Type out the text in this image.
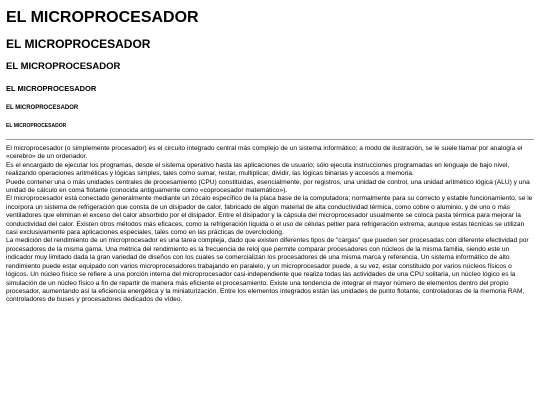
EL MICROPROCESADOR
EL MICROPROCESADOR
EL MICROPROCESADOR
EL MICROPROCESADOR
EL MICROPROCESADOR
EL MICROPROCESADOR

El microprocesador (o simplemente procesador) es el circuito integrado central más complejo de un sistema informático; a modo de ilustración, se le suele llamar por analogía el «cerebro» de un ordenador.

Es el encargado de ejecutar los programas, desde el sistema operativo hasta las aplicaciones de usuario; sólo ejecuta instrucciones programadas en lenguaje de bajo nivel, realizando operaciones aritméticas y lógicas simples, tales como sumar, restar, multiplicar, dividir, las lógicas binarias y accesos a memoria.

Puede contener una o más unidades centrales de procesamiento (CPU) constituidas, esencialmente, por registros, una unidad de control, una unidad aritmético lógica (ALU) y una unidad de cálculo en coma flotante (conocida antiguamente como «coprocesador matemático»).

El microprocesador está conectado generalmente mediante un zócalo específico de la placa base de la computadora; normalmente para su correcto y estable funcionamiento, se le incorpora un sistema de refrigeración que consta de un disipador de calor, fabricado de algún material de alta conductividad térmica, como cobre o aluminio, y de uno o más ventiladores que eliminan el exceso del calor absorbido por el disipador. Entre el disipador y la cápsula del microprocesador usualmente se coloca pasta térmica para mejorar la conductividad del calor. Existen otros métodos más eficaces, como la refrigeración líquida o el uso de células peltier para refrigeración extrema, aunque estas técnicas se utilizan casi exclusivamente para aplicaciones especiales, tales como en las prácticas de overclocking.

La medición del rendimiento de un microprocesador es una tarea compleja, dado que existen diferentes tipos de "cargas" que pueden ser procesadas con diferente efectividad por procesadores de la misma gama. Una métrica del rendimiento es la frecuencia de reloj que permite comparar procesadores con núcleos de la misma familia, siendo este un indicador muy limitado dada la gran variedad de diseños con los cuales se comercializan los procesadores de una misma marca y referencia. Un sistema informático de alto rendimiento puede estar equipado con varios microprocesadores trabajando en paralelo, y un microprocesador puede, a su vez, estar constituido por varios núcleos físicos o lógicos. Un núcleo físico se refiere a una porción interna del microprocesador casi-independiente que realiza todas las actividades de una CPU solitaria, un núcleo lógico es la simulación de un núcleo físico a fin de repartir de manera más eficiente el procesamiento. Existe una tendencia de integrar el mayor número de elementos dentro del propio procesador, aumentando así la eficiencia energética y la miniaturización. Entre los elementos integrados están las unidades de punto flotante, controladoras de la memoria RAM, controladores de buses y procesadores dedicados de vídeo.
